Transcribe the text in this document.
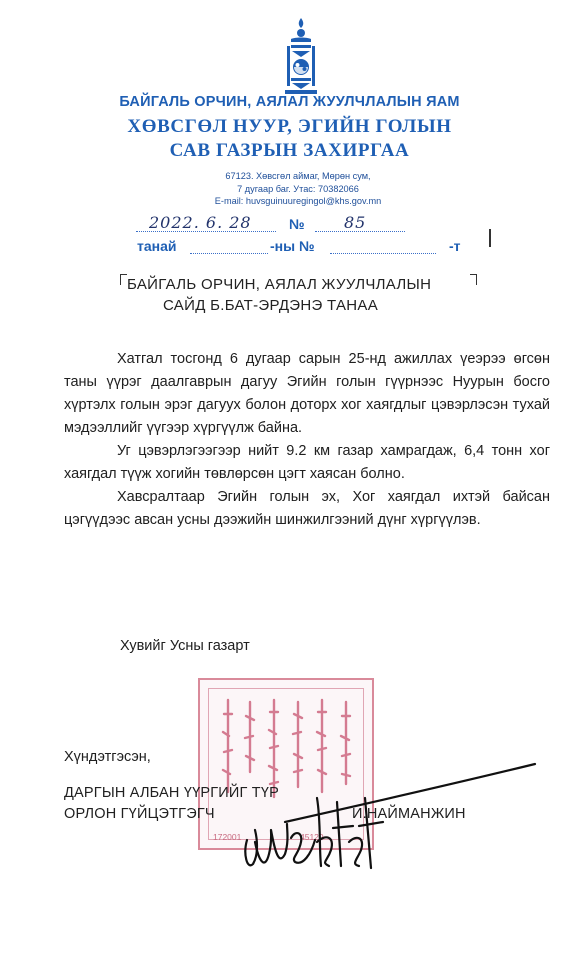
БАЙГАЛЬ ОРЧИН, АЯЛАЛ ЖУУЛЧЛАЛЫН ЯАМ
ХӨВСГӨЛ НУУР, ЭГИЙН ГОЛЫН
САВ ГАЗРЫН ЗАХИРГАА
67123. Хөвсгөл аймаг, Мөрөн сум,
7 дугаар баг. Утас: 70382066
E-mail: huvsguinuuregingol@khs.gov.mn
2022. 6. 28	№ 85
танай	-ны №	-т
БАЙГАЛЬ ОРЧИН, АЯЛАЛ ЖУУЛЧЛАЛЫН
САЙД Б.БАТ-ЭРДЭНЭ ТАНАА

Хатгал тосгонд 6 дугаар сарын 25-нд ажиллах үеэрээ өгсөн таны үүрэг даалгаврын дагуу Эгийн голын гүүрнээс Нуурын босго хүртэлх голын эрэг дагуух болон доторх хог хаягдлыг цэвэрлэсэн тухай мэдээллийг үүгээр хүргүүлж байна.

Уг цэвэрлэгээгээр нийт 9.2 км газар хамрагдаж, 6,4 тонн хог хаягдал түүж хогийн төвлөрсөн цэгт хаясан болно.

Хавсралтаар Эгийн голын эх, Хог хаягдал ихтэй байсан цэгүүдээс авсан усны дээжийн шинжилгээний дүнг хүргүүлэв.

Хувийг Усны газарт
172001	45129
Хүндэтгэсэн,
ДАРГЫН АЛБАН ҮҮРГИЙГ ТҮР
ОРЛОН ГҮЙЦЭТГЭГЧ	И.НАЙМАНЖИН
